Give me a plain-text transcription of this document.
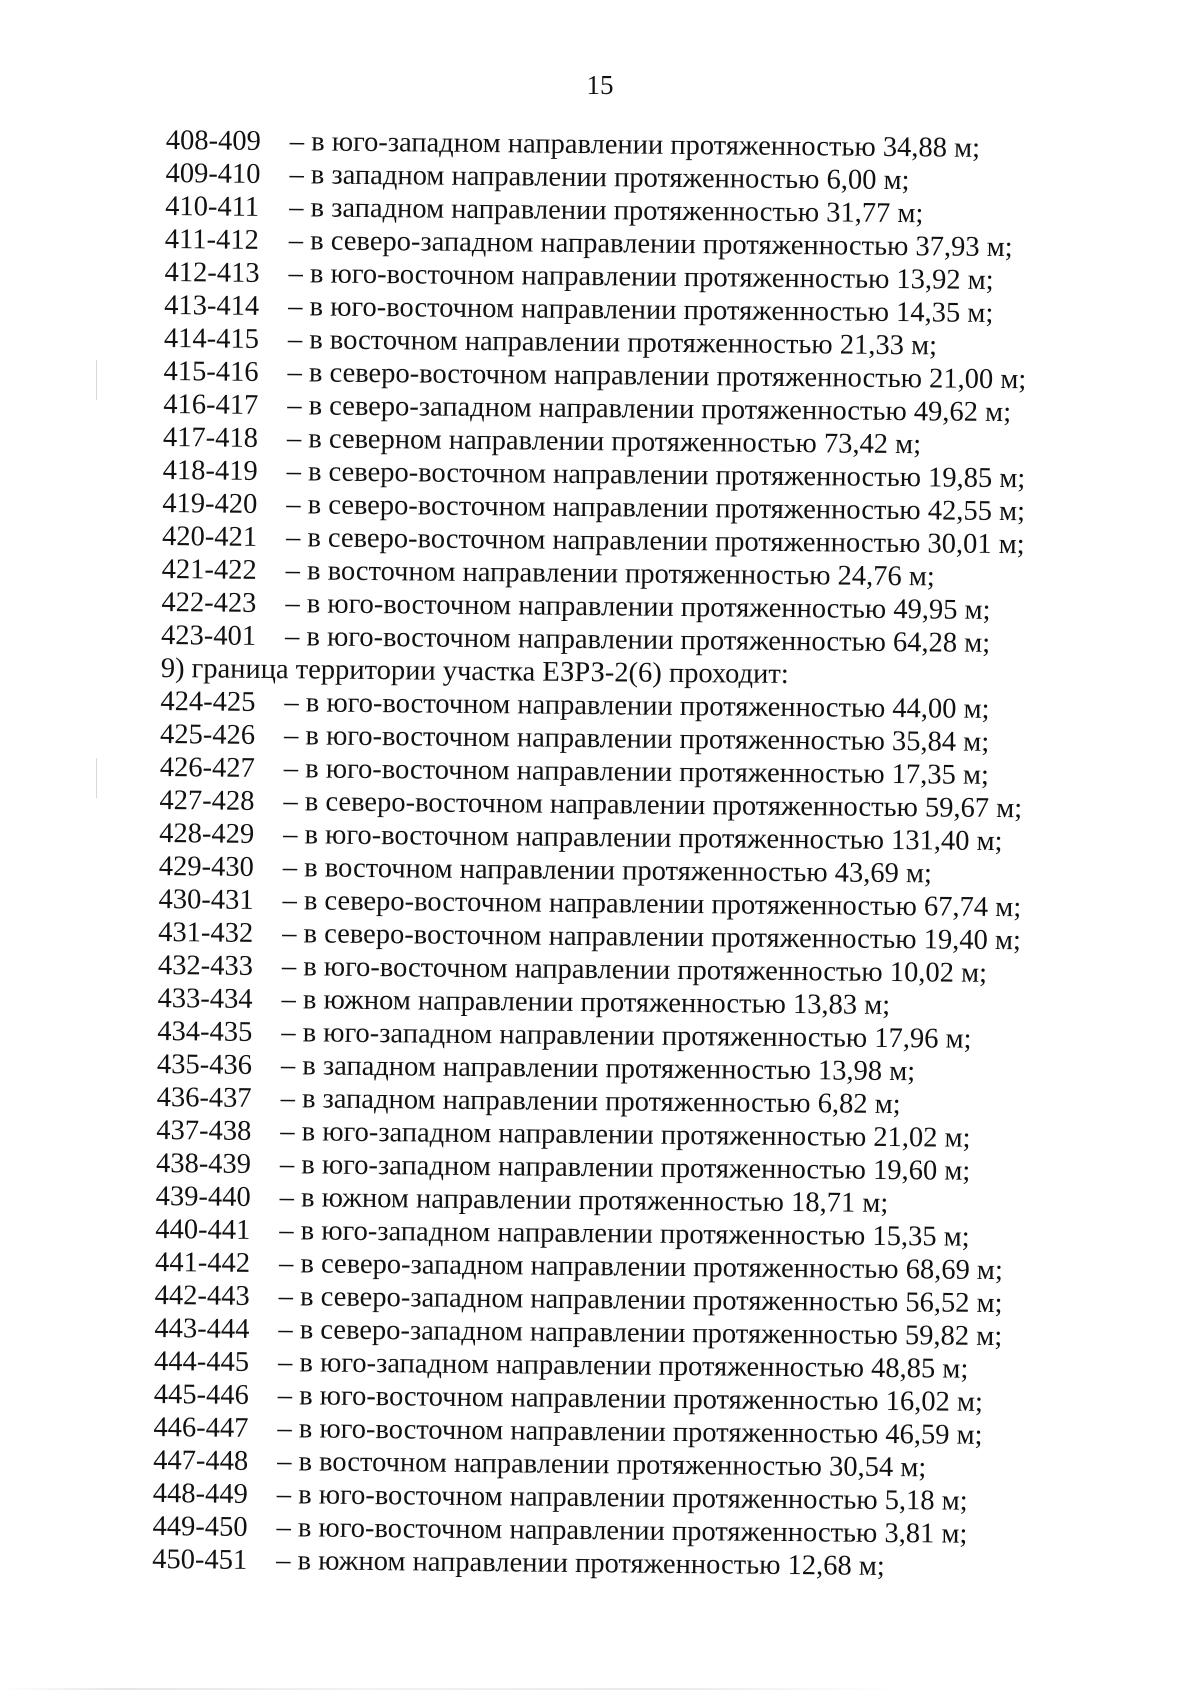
15
408-409 – в юго-западном направлении протяженностью 34,88 м;
409-410 – в западном направлении протяженностью 6,00 м;
410-411 – в западном направлении протяженностью 31,77 м;
411-412 – в северо-западном направлении протяженностью 37,93 м;
412-413 – в юго-восточном направлении протяженностью 13,92 м;
413-414 – в юго-восточном направлении протяженностью 14,35 м;
414-415 – в восточном направлении протяженностью 21,33 м;
415-416 – в северо-восточном направлении протяженностью 21,00 м;
416-417 – в северо-западном направлении протяженностью 49,62 м;
417-418 – в северном направлении протяженностью 73,42 м;
418-419 – в северо-восточном направлении протяженностью 19,85 м;
419-420 – в северо-восточном направлении протяженностью 42,55 м;
420-421 – в северо-восточном направлении протяженностью 30,01 м;
421-422 – в восточном направлении протяженностью 24,76 м;
422-423 – в юго-восточном направлении протяженностью 49,95 м;
423-401 – в юго-восточном направлении протяженностью 64,28 м;
9) граница территории участка ЕЗРЗ-2(6) проходит:
424-425 – в юго-восточном направлении протяженностью 44,00 м;
425-426 – в юго-восточном направлении протяженностью 35,84 м;
426-427 – в юго-восточном направлении протяженностью 17,35 м;
427-428 – в северо-восточном направлении протяженностью 59,67 м;
428-429 – в юго-восточном направлении протяженностью 131,40 м;
429-430 – в восточном направлении протяженностью 43,69 м;
430-431 – в северо-восточном направлении протяженностью 67,74 м;
431-432 – в северо-восточном направлении протяженностью 19,40 м;
432-433 – в юго-восточном направлении протяженностью 10,02 м;
433-434 – в южном направлении протяженностью 13,83 м;
434-435 – в юго-западном направлении протяженностью 17,96 м;
435-436 – в западном направлении протяженностью 13,98 м;
436-437 – в западном направлении протяженностью 6,82 м;
437-438 – в юго-западном направлении протяженностью 21,02 м;
438-439 – в юго-западном направлении протяженностью 19,60 м;
439-440 – в южном направлении протяженностью 18,71 м;
440-441 – в юго-западном направлении протяженностью 15,35 м;
441-442 – в северо-западном направлении протяженностью 68,69 м;
442-443 – в северо-западном направлении протяженностью 56,52 м;
443-444 – в северо-западном направлении протяженностью 59,82 м;
444-445 – в юго-западном направлении протяженностью 48,85 м;
445-446 – в юго-восточном направлении протяженностью 16,02 м;
446-447 – в юго-восточном направлении протяженностью 46,59 м;
447-448 – в восточном направлении протяженностью 30,54 м;
448-449 – в юго-восточном направлении протяженностью 5,18 м;
449-450 – в юго-восточном направлении протяженностью 3,81 м;
450-451 – в южном направлении протяженностью 12,68 м;
